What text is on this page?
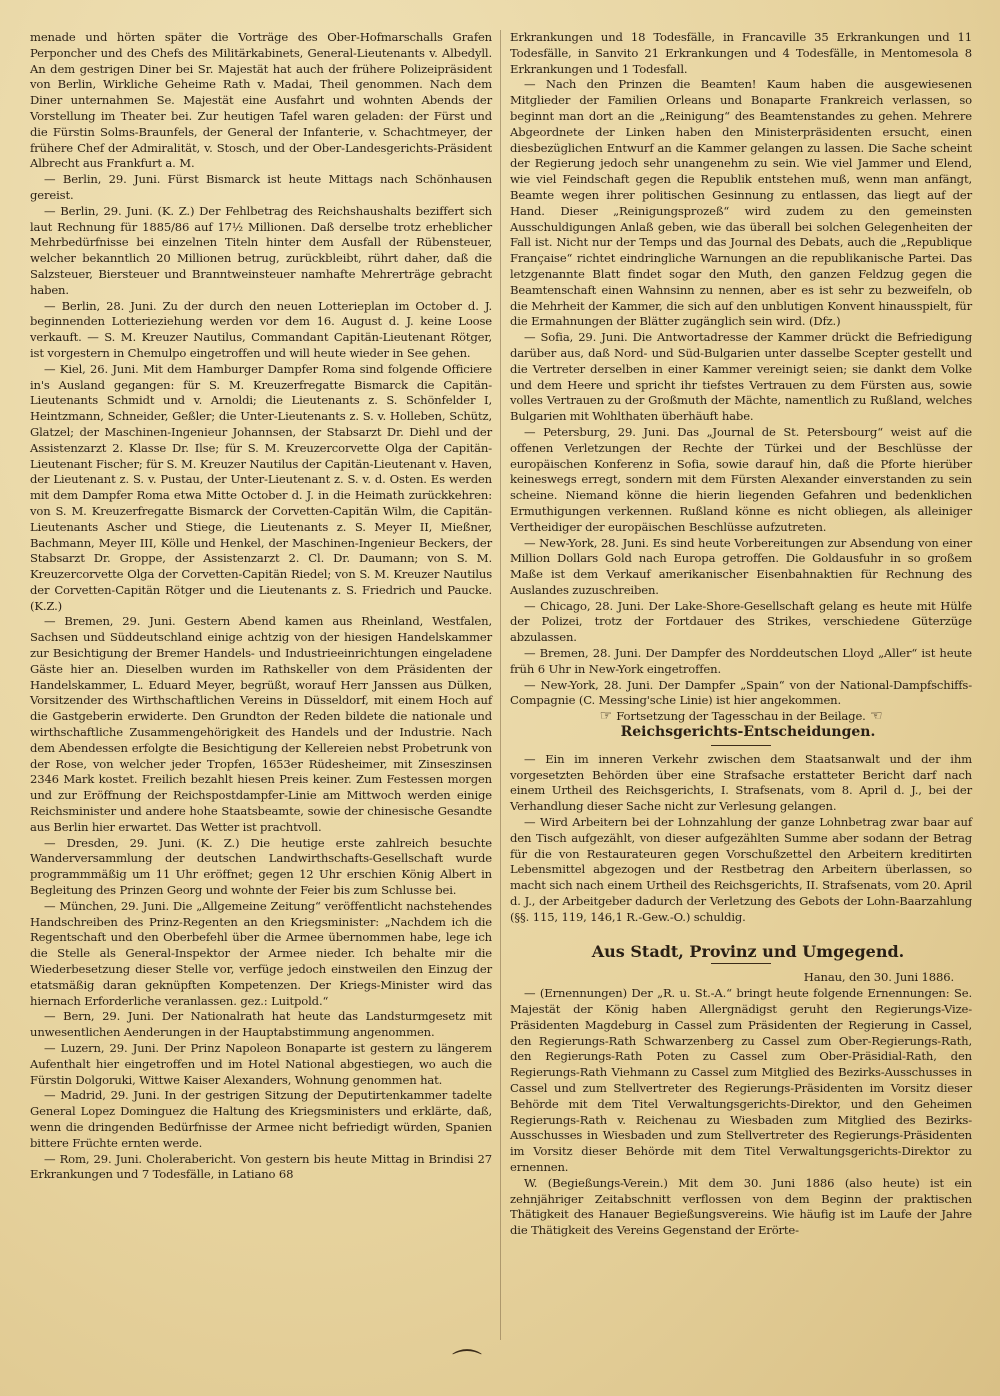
menade und hörten später die Vorträge des Ober-Hofmarschalls Grafen Perponcher und des Chefs des Militärkabinets, General-Lieutenants v. Albedyll. An dem gestrigen Diner bei Sr. Majestät hat auch der frühere Polizeipräsident von Berlin, Wirkliche Geheime Rath v. Madai, Theil genommen. Nach dem Diner unternahmen Se. Majestät eine Ausfahrt und wohnten Abends der Vorstellung im Theater bei. Zur heutigen Tafel waren geladen: der Fürst und die Fürstin Solms-Braunfels, der General der Infanterie, v. Schachtmeyer, der frühere Chef der Admiralität, v. Stosch, und der Ober-Landesgerichts-Präsident Albrecht aus Frankfurt a. M.

— Berlin, 29. Juni. Fürst Bismarck ist heute Mittags nach Schönhausen gereist.

— Berlin, 29. Juni. (K. Z.) Der Fehlbetrag des Reichshaushalts beziffert sich laut Rechnung für 1885/86 auf 17½ Millionen. Daß derselbe trotz erheblicher Mehrbedürfnisse bei einzelnen Titeln hinter dem Ausfall der Rübensteuer, welcher bekanntlich 20 Millionen betrug, zurückbleibt, rührt daher, daß die Salzsteuer, Biersteuer und Branntweinsteuer namhafte Mehrerträge gebracht haben.

— Berlin, 28. Juni. Zu der durch den neuen Lotterieplan im October d. J. beginnenden Lotterieziehung werden vor dem 16. August d. J. keine Loose verkauft. — S. M. Kreuzer Nautilus, Commandant Capitän-Lieutenant Rötger, ist vorgestern in Chemulpo eingetroffen und will heute wieder in See gehen.

— Kiel, 26. Juni. Mit dem Hamburger Dampfer Roma sind folgende Officiere in's Ausland gegangen: für S. M. Kreuzerfregatte Bismarck die Capitän-Lieutenants Schmidt und v. Arnoldi; die Lieutenants z. S. Schönfelder I, Heintzmann, Schneider, Geßler; die Unter-Lieutenants z. S. v. Holleben, Schütz, Glatzel; der Maschinen-Ingenieur Johannsen, der Stabsarzt Dr. Diehl und der Assistenzarzt 2. Klasse Dr. Ilse; für S. M. Kreuzercorvette Olga der Capitän-Lieutenant Fischer; für S. M. Kreuzer Nautilus der Capitän-Lieutenant v. Haven, der Lieutenant z. S. v. Pustau, der Unter-Lieutenant z. S. v. d. Osten. Es werden mit dem Dampfer Roma etwa Mitte October d. J. in die Heimath zurückkehren: von S. M. Kreuzerfregatte Bismarck der Corvetten-Capitän Wilm, die Capitän-Lieutenants Ascher und Stiege, die Lieutenants z. S. Meyer II, Mießner, Bachmann, Meyer III, Kölle und Henkel, der Maschinen-Ingenieur Beckers, der Stabsarzt Dr. Groppe, der Assistenzarzt 2. Cl. Dr. Daumann; von S. M. Kreuzercorvette Olga der Corvetten-Capitän Riedel; von S. M. Kreuzer Nautilus der Corvetten-Capitän Rötger und die Lieutenants z. S. Friedrich und Paucke. (K.Z.)

— Bremen, 29. Juni. Gestern Abend kamen aus Rheinland, Westfalen, Sachsen und Süddeutschland einige achtzig von der hiesigen Handelskammer zur Besichtigung der Bremer Handels- und Industrieeinrichtungen eingeladene Gäste hier an. Dieselben wurden im Rathskeller von dem Präsidenten der Handelskammer, L. Eduard Meyer, begrüßt, worauf Herr Janssen aus Dülken, Vorsitzender des Wirthschaftlichen Vereins in Düsseldorf, mit einem Hoch auf die Gastgeberin erwiderte. Den Grundton der Reden bildete die nationale und wirthschaftliche Zusammengehörigkeit des Handels und der Industrie. Nach dem Abendessen erfolgte die Besichtigung der Kellereien nebst Probetrunk von der Rose, von welcher jeder Tropfen, 1653er Rüdesheimer, mit Zinseszinsen 2346 Mark kostet. Freilich bezahlt hiesen Preis keiner. Zum Festessen morgen und zur Eröffnung der Reichspostdampfer-Linie am Mittwoch werden einige Reichsminister und andere hohe Staatsbeamte, sowie der chinesische Gesandte aus Berlin hier erwartet. Das Wetter ist prachtvoll.

— Dresden, 29. Juni. (K. Z.) Die heutige erste zahlreich besuchte Wanderversammlung der deutschen Landwirthschafts-Gesellschaft wurde programmmäßig um 11 Uhr eröffnet; gegen 12 Uhr erschien König Albert in Begleitung des Prinzen Georg und wohnte der Feier bis zum Schlusse bei.

— München, 29. Juni. Die „Allgemeine Zeitung“ veröffentlicht nachstehendes Handschreiben des Prinz-Regenten an den Kriegsminister: „Nachdem ich die Regentschaft und den Oberbefehl über die Armee übernommen habe, lege ich die Stelle als General-Inspektor der Armee nieder. Ich behalte mir die Wiederbesetzung dieser Stelle vor, verfüge jedoch einstweilen den Einzug der etatsmäßig daran geknüpften Kompetenzen. Der Kriegs-Minister wird das hiernach Erforderliche veranlassen. gez.: Luitpold.“

— Bern, 29. Juni. Der Nationalrath hat heute das Landsturmgesetz mit unwesentlichen Aenderungen in der Hauptabstimmung angenommen.

— Luzern, 29. Juni. Der Prinz Napoleon Bonaparte ist gestern zu längerem Aufenthalt hier eingetroffen und im Hotel National abgestiegen, wo auch die Fürstin Dolgoruki, Wittwe Kaiser Alexanders, Wohnung genommen hat.

— Madrid, 29. Juni. In der gestrigen Sitzung der Deputirtenkammer tadelte General Lopez Dominguez die Haltung des Kriegsministers und erklärte, daß, wenn die dringenden Bedürfnisse der Armee nicht befriedigt würden, Spanien bittere Früchte ernten werde.

— Rom, 29. Juni. Cholerabericht. Von gestern bis heute Mittag in Brindisi 27 Erkrankungen und 7 Todesfälle, in Latiano 68

Erkrankungen und 18 Todesfälle, in Francaville 35 Erkrankungen und 11 Todesfälle, in Sanvito 21 Erkrankungen und 4 Todesfälle, in Mentomesola 8 Erkrankungen und 1 Todesfall.

— Nach den Prinzen die Beamten! Kaum haben die ausgewiesenen Mitglieder der Familien Orleans und Bonaparte Frankreich verlassen, so beginnt man dort an die „Reinigung“ des Beamtenstandes zu gehen. Mehrere Abgeordnete der Linken haben den Ministerpräsidenten ersucht, einen diesbezüglichen Entwurf an die Kammer gelangen zu lassen. Die Sache scheint der Regierung jedoch sehr unangenehm zu sein. Wie viel Jammer und Elend, wie viel Feindschaft gegen die Republik entstehen muß, wenn man anfängt, Beamte wegen ihrer politischen Gesinnung zu entlassen, das liegt auf der Hand. Dieser „Reinigungsprozeß“ wird zudem zu den gemeinsten Ausschuldigungen Anlaß geben, wie das überall bei solchen Gelegenheiten der Fall ist. Nicht nur der Temps und das Journal des Debats, auch die „Republique Française“ richtet eindringliche Warnungen an die republikanische Partei. Das letzgenannte Blatt findet sogar den Muth, den ganzen Feldzug gegen die Beamtenschaft einen Wahnsinn zu nennen, aber es ist sehr zu bezweifeln, ob die Mehrheit der Kammer, die sich auf den unblutigen Konvent hinausspielt, für die Ermahnungen der Blätter zugänglich sein wird. (Dfz.)

— Sofia, 29. Juni. Die Antwortadresse der Kammer drückt die Befriedigung darüber aus, daß Nord- und Süd-Bulgarien unter dasselbe Scepter gestellt und die Vertreter derselben in einer Kammer vereinigt seien; sie dankt dem Volke und dem Heere und spricht ihr tiefstes Vertrauen zu dem Fürsten aus, sowie volles Vertrauen zu der Großmuth der Mächte, namentlich zu Rußland, welches Bulgarien mit Wohlthaten überhäuft habe.

— Petersburg, 29. Juni. Das „Journal de St. Petersbourg“ weist auf die offenen Verletzungen der Rechte der Türkei und der Beschlüsse der europäischen Konferenz in Sofia, sowie darauf hin, daß die Pforte hierüber keineswegs erregt, sondern mit dem Fürsten Alexander einverstanden zu sein scheine. Niemand könne die hierin liegenden Gefahren und bedenklichen Ermuthigungen verkennen. Rußland könne es nicht obliegen, als alleiniger Vertheidiger der europäischen Beschlüsse aufzutreten.

— New-York, 28. Juni. Es sind heute Vorbereitungen zur Absendung von einer Million Dollars Gold nach Europa getroffen. Die Goldausfuhr in so großem Maße ist dem Verkauf amerikanischer Eisenbahnaktien für Rechnung des Auslandes zuzuschreiben.

— Chicago, 28. Juni. Der Lake-Shore-Gesellschaft gelang es heute mit Hülfe der Polizei, trotz der Fortdauer des Strikes, verschiedene Güterzüge abzulassen.

— Bremen, 28. Juni. Der Dampfer des Norddeutschen Lloyd „Aller“ ist heute früh 6 Uhr in New-York eingetroffen.

— New-York, 28. Juni. Der Dampfer „Spain“ von der National-Dampfschiffs-Compagnie (C. Messing'sche Linie) ist hier angekommen.

☞ Fortsetzung der Tagesschau in der Beilage. ☜

Reichsgerichts-Entscheidungen.

— Ein im inneren Verkehr zwischen dem Staatsanwalt und der ihm vorgesetzten Behörden über eine Strafsache erstatteter Bericht darf nach einem Urtheil des Reichsgerichts, I. Strafsenats, vom 8. April d. J., bei der Verhandlung dieser Sache nicht zur Verlesung gelangen.

— Wird Arbeitern bei der Lohnzahlung der ganze Lohnbetrag zwar baar auf den Tisch aufgezählt, von dieser aufgezählten Summe aber sodann der Betrag für die von Restaurateuren gegen Vorschußzettel den Arbeitern kreditirten Lebensmittel abgezogen und der Restbetrag den Arbeitern überlassen, so macht sich nach einem Urtheil des Reichsgerichts, II. Strafsenats, vom 20. April d. J., der Arbeitgeber dadurch der Verletzung des Gebots der Lohn-Baarzahlung (§§. 115, 119, 146,1 R.-Gew.-O.) schuldig.

Aus Stadt, Provinz und Umgegend.

Hanau, den 30. Juni 1886.

— (Ernennungen) Der „R. u. St.-A.“ bringt heute folgende Ernennungen: Se. Majestät der König haben Allergnädigst geruht den Regierungs-Vize-Präsidenten Magdeburg in Cassel zum Präsidenten der Regierung in Cassel, den Regierungs-Rath Schwarzenberg zu Cassel zum Ober-Regierungs-Rath, den Regierungs-Rath Poten zu Cassel zum Ober-Präsidial-Rath, den Regierungs-Rath Viehmann zu Cassel zum Mitglied des Bezirks-Ausschusses in Cassel und zum Stellvertreter des Regierungs-Präsidenten im Vorsitz dieser Behörde mit dem Titel Verwaltungsgerichts-Direktor, und den Geheimen Regierungs-Rath v. Reichenau zu Wiesbaden zum Mitglied des Bezirks-Ausschusses in Wiesbaden und zum Stellvertreter des Regierungs-Präsidenten im Vorsitz dieser Behörde mit dem Titel Verwaltungsgerichts-Direktor zu ernennen.

W. (Begießungs-Verein.) Mit dem 30. Juni 1886 (also heute) ist ein zehnjähriger Zeitabschnitt verflossen von dem Beginn der praktischen Thätigkeit des Hanauer Begießungsvereins. Wie häufig ist im Laufe der Jahre die Thätigkeit des Vereins Gegenstand der Erörte-

⌒
